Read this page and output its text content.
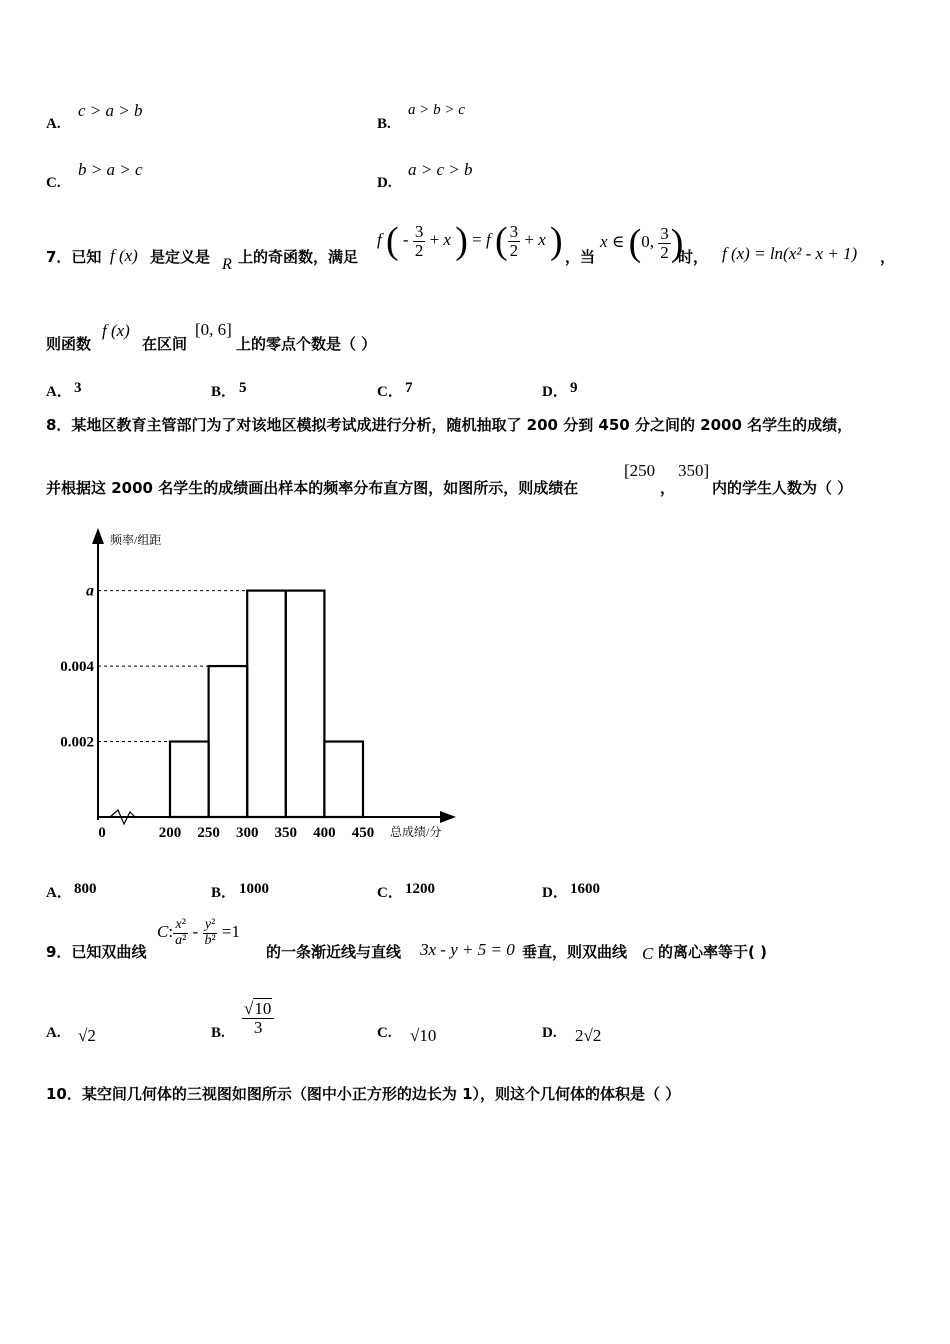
A.
c > a > b
B.
a > b > c
C.
b > a > c
D.
a > c > b
7．已知 f (x) 是定义是 R 上的奇函数，满足
f ( - $\frac{3}{2} + x$ ) = f ( $\frac{3}{2} + x$ ) ，当
x ∈ (0, $\frac{3}{2}$ )
时， f (x) = ln(x² - x + 1) ，
则函数
f (x)
在区间
[0, 6]
上的零点个数是（ ）
A． 3	B． 5	C． 7	D． 9
8．某地区教育主管部门为了对该地区模拟考试成进行分析，随机抽取了 200 分到 450 分之间的 2000 名学生的成绩，
并根据这 2000 名学生的成绩画出样本的频率分布直方图，如图所示，则成绩在
[250
，
350]
内的学生人数为（ ）
频率/组距
总成绩/分
0
0.002
0.004
a
200 250 300 350 400 450
A． 800	B． 1000	C． 1200	D． 1600
9．已知双曲线
C: $\frac{\text{x²}}{\text{a²}} - \frac{\text{y²}}{\text{b²}} =1$
的一条渐近线与直线 3x - y + 5 = 0 垂直，则双曲线 C 的离心率等于( )
A. √2	B. $\frac{√10}{3}$	C. √10	D. 2√2
10．某空间几何体的三视图如图所示（图中小正方形的边长为 1），则这个几何体的体积是（ ）
